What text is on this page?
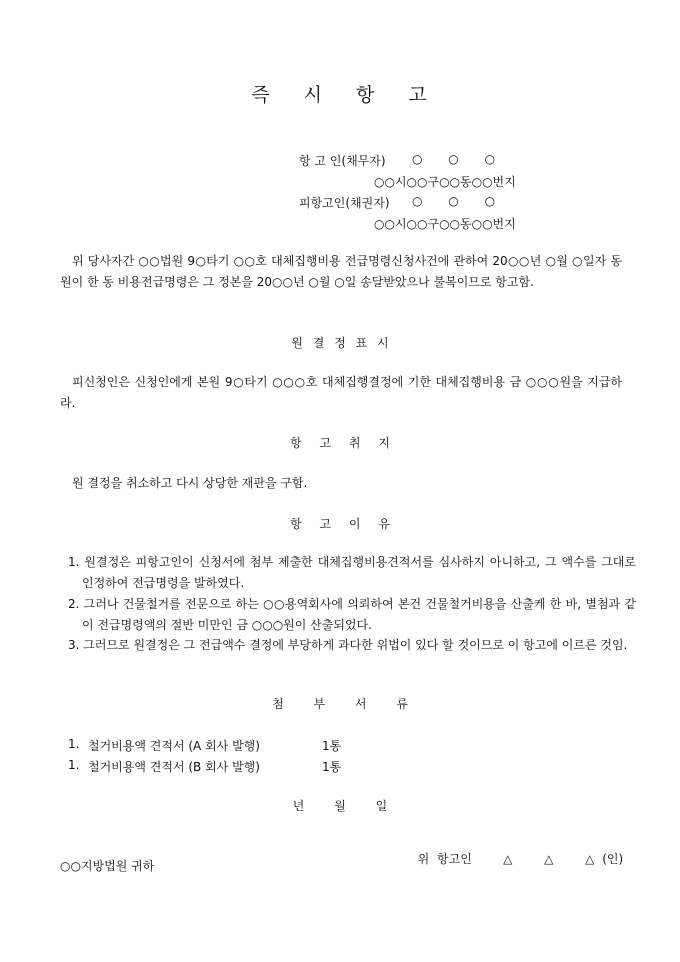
즉 시 항 고
항 고 인(채무자) ○ ○ ○
○○시○○구○○동○○번지
피항고인(채권자) ○ ○ ○
○○시○○구○○동○○번지
위 당사자간 ○○법원 9○타기 ○○호 대체집행비용 전급명령신청사건에 관하여 20○○년 ○월 ○일자 동원이 한 동 비용전급명령은 그 정본을 20○○년 ○월 ○일 송달받았으나 불복이므로 항고함.
원 결 정 표 시
피신청인은 신청인에게 본원 9○타기 ○○○호 대체집행결정에 기한 대체집행비용 금 ○○○원을 지급하라.
항 고 취 지
원 결정을 취소하고 다시 상당한 재판을 구함.
항 고 이 유
1. 원결정은 피항고인이 신청서에 첨부 제출한 대체집행비용견적서를 심사하지 아니하고, 그 액수를 그대로 인정하여 전급명령을 발하였다.
2. 그러나 건물철거를 전문으로 하는 ○○용역회사에 의뢰하여 본건 건물철거비용을 산출케 한 바, 별첨과 같이 전급명령액의 절반 미만인 금 ○○○원이 산출되었다.
3. 그러므로 원결정은 그 전급액수 결정에 부당하게 과다한 위법이 있다 할 것이므로 이 항고에 이르른 것임.
첨 부 서 류
1. 철거비용액 견적서 (A 회사 발행)	1통
1. 철거비용액 견적서 (B 회사 발행)	1통
년 월 일

위 항고인	△ △ △ (인)

○○지방법원 귀하
